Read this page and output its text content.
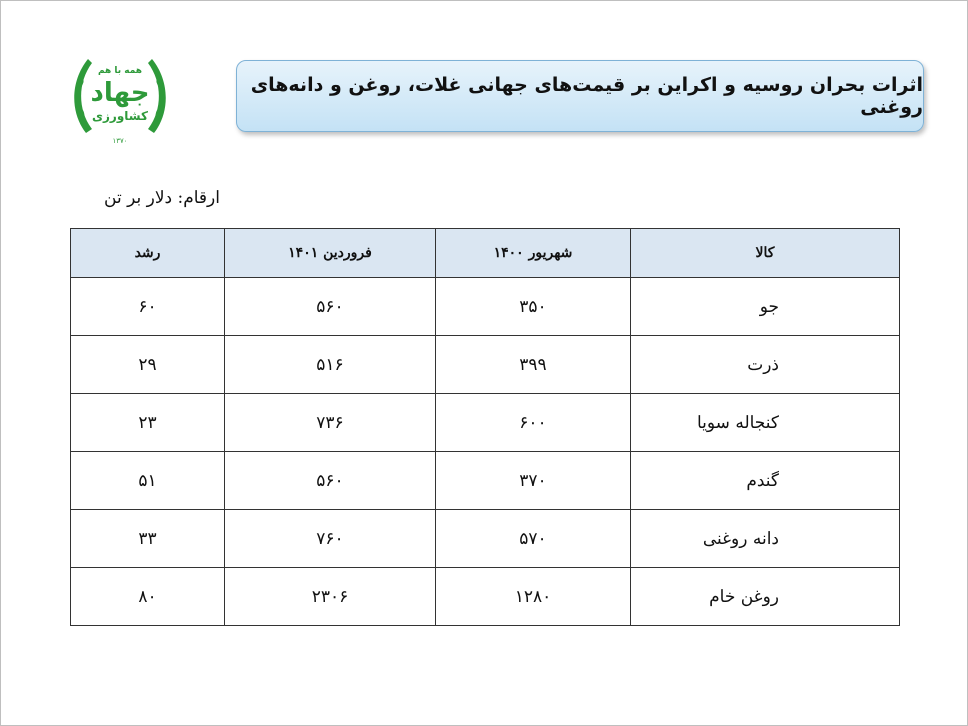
همه با هم
جهاد
کشاورزی
۱۳۷۰
اثرات بحران روسیه و اکراین بر قیمت‌های جهانی غلات، روغن و دانه‌های روغنی
ارقام: دلار بر تن
کالا	شهریور ۱۴۰۰	فروردین ۱۴۰۱	رشد
جو	۳۵۰	۵۶۰	۶۰
ذرت	۳۹۹	۵۱۶	۲۹
کنجاله سویا	۶۰۰	۷۳۶	۲۳
گندم	۳۷۰	۵۶۰	۵۱
دانه روغنی	۵۷۰	۷۶۰	۳۳
روغن خام	۱۲۸۰	۲۳۰۶	۸۰
